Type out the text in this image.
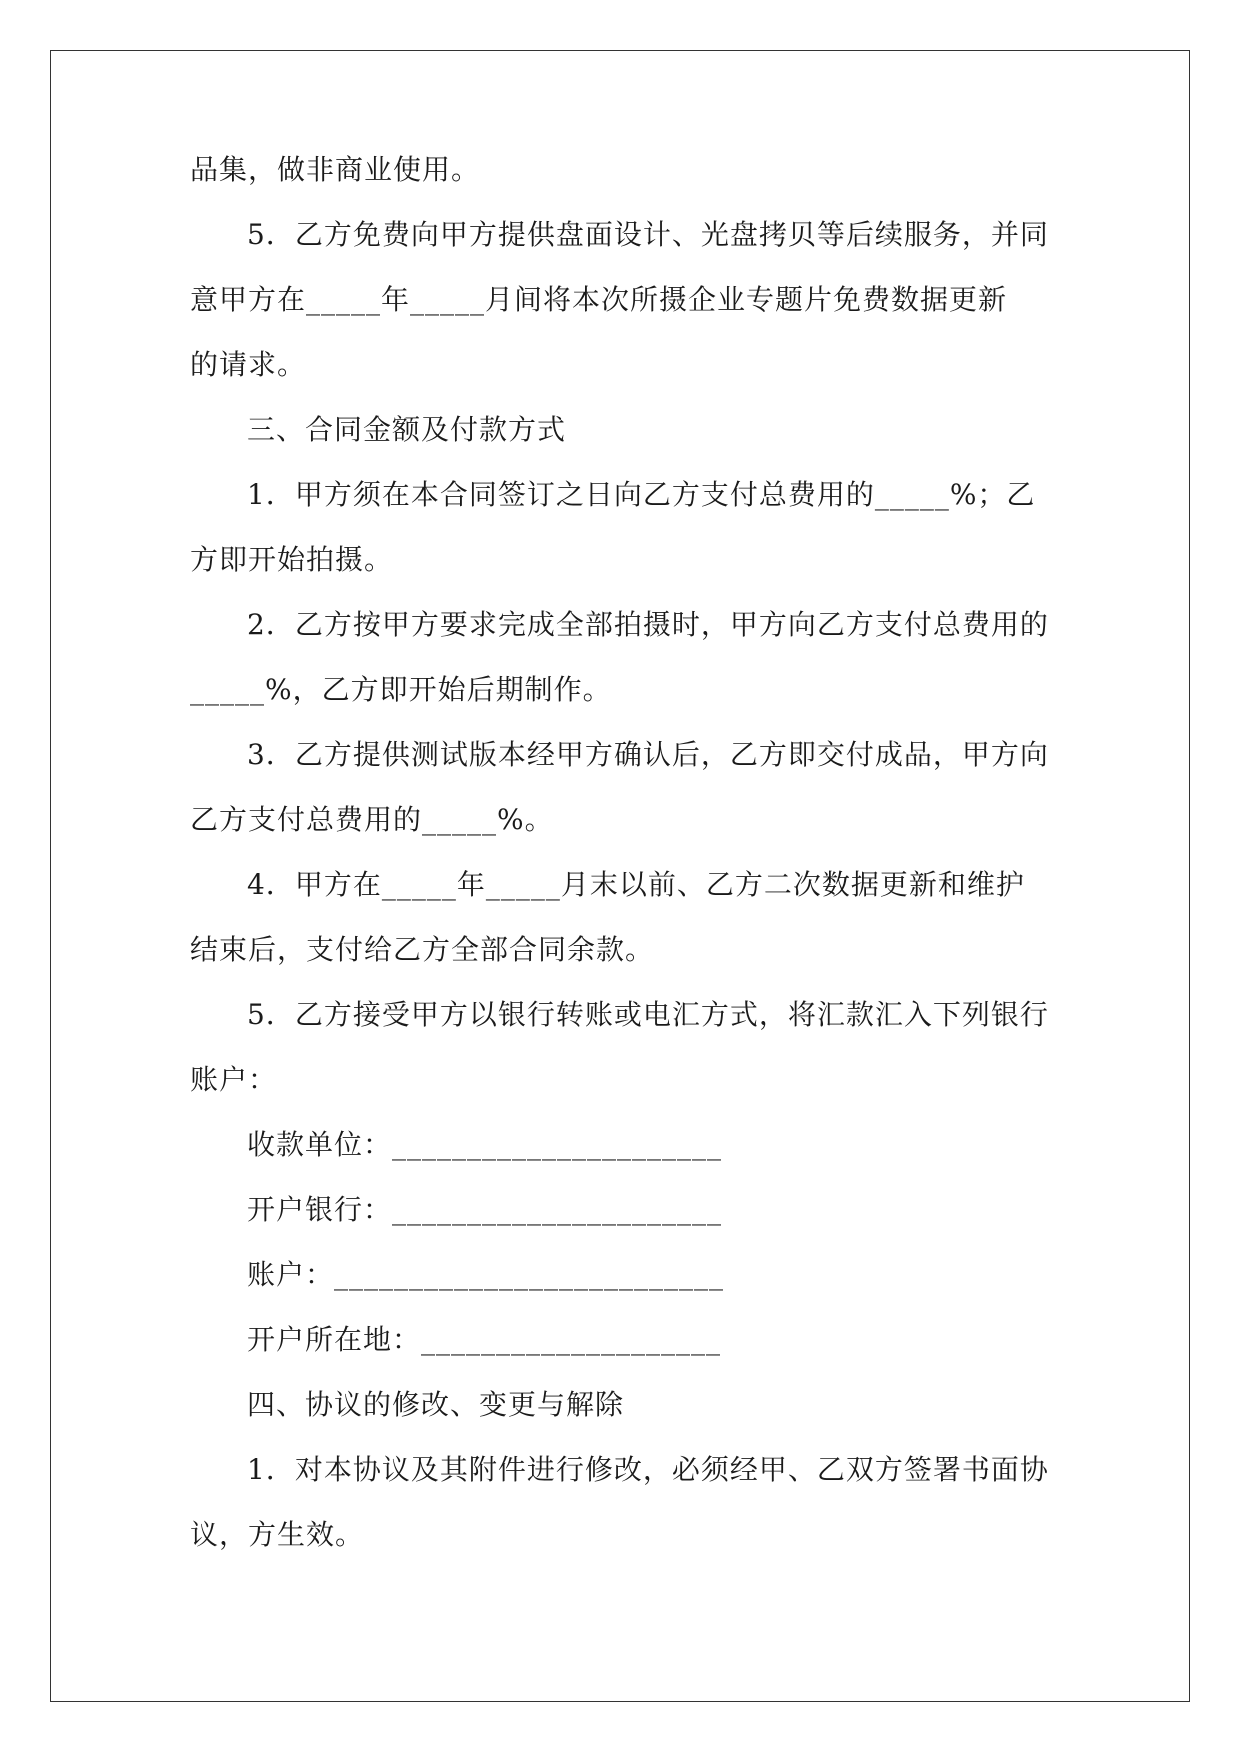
品集，做非商业使用。
5．乙方免费向甲方提供盘面设计、光盘拷贝等后续服务，并同
意甲方在_____年_____月间将本次所摄企业专题片免费数据更新
的请求。
三、合同金额及付款方式
1．甲方须在本合同签订之日向乙方支付总费用的_____%；乙
方即开始拍摄。
2．乙方按甲方要求完成全部拍摄时，甲方向乙方支付总费用的
_____%，乙方即开始后期制作。
3．乙方提供测试版本经甲方确认后，乙方即交付成品，甲方向
乙方支付总费用的_____%。
4．甲方在_____年_____月末以前、乙方二次数据更新和维护
结束后，支付给乙方全部合同余款。
5．乙方接受甲方以银行转账或电汇方式，将汇款汇入下列银行
账户：
收款单位：______________________
开户银行：______________________
账户：__________________________
开户所在地：____________________
四、协议的修改、变更与解除
1．对本协议及其附件进行修改，必须经甲、乙双方签署书面协
议，方生效。
